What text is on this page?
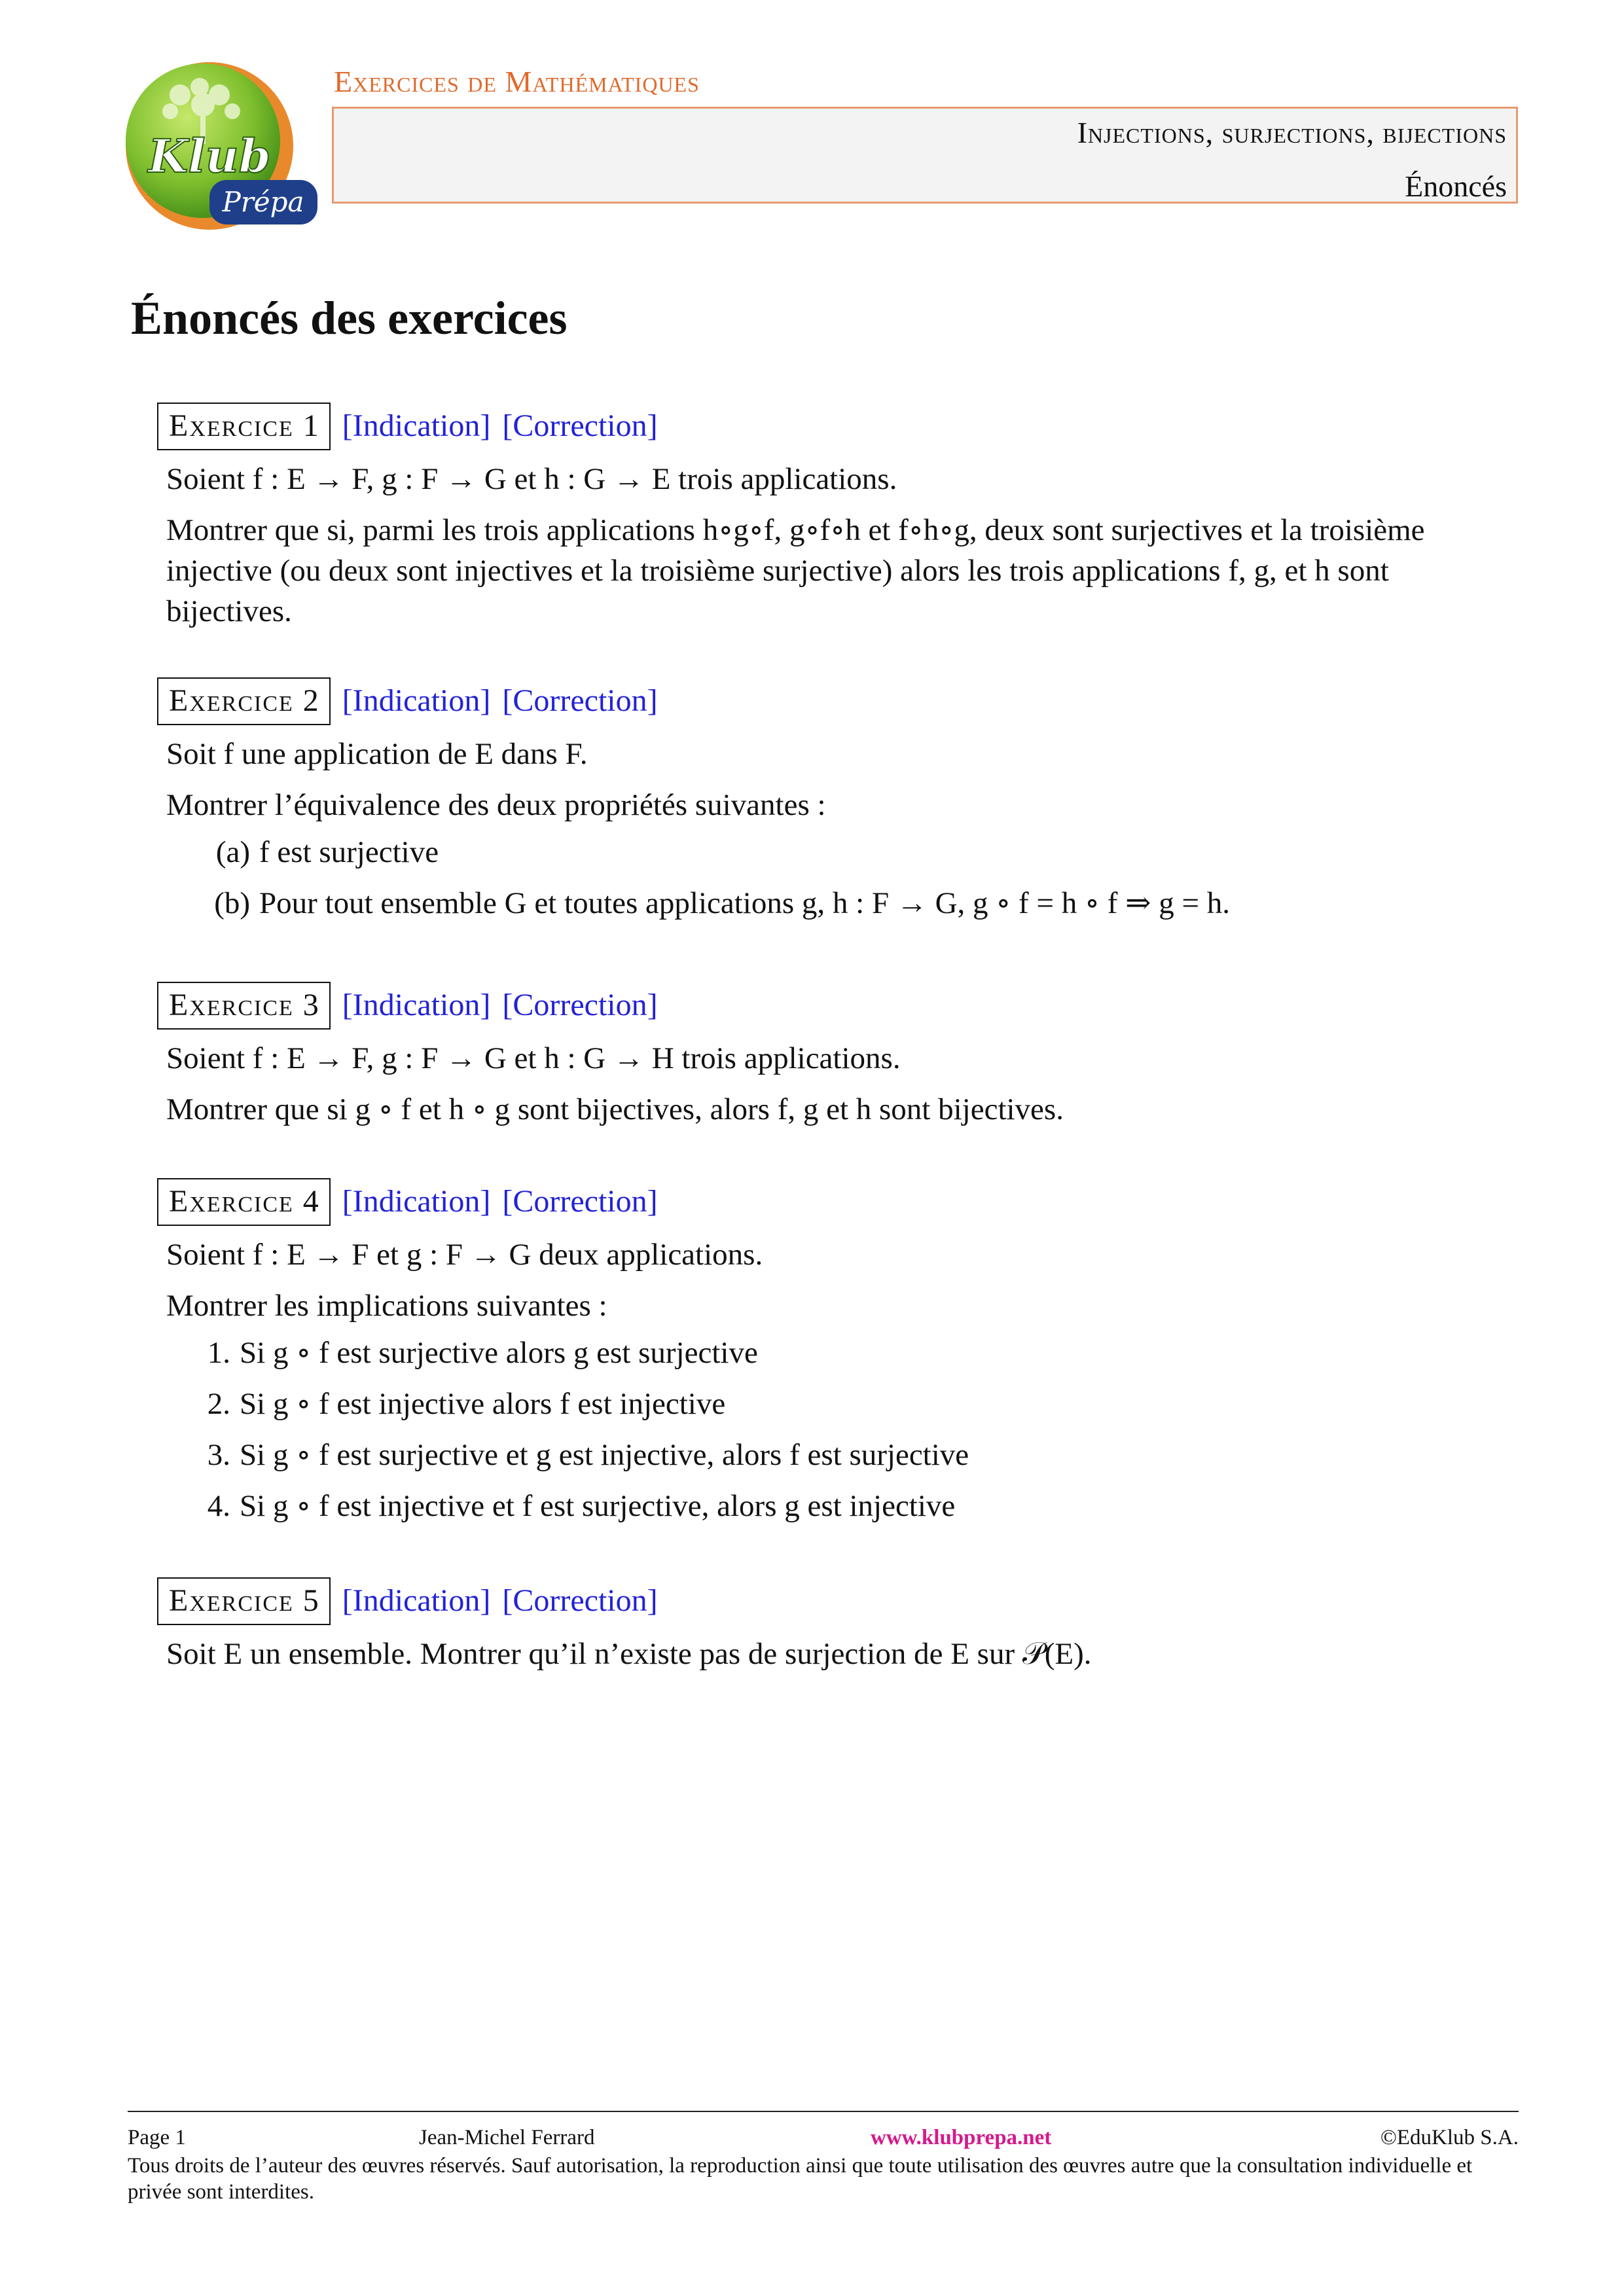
Klub
Prépa
Exercices de Mathématiques
Injections, surjections, bijections
Énoncés
Énoncés des exercices
Exercice 1 [Indication] [Correction]

Soient f : E → F, g : F → G et h : G → E trois applications.

Montrer que si, parmi les trois applications h∘g∘f, g∘f∘h et f∘h∘g, deux sont surjectives et la troisième injective (ou deux sont injectives et la troisième surjective) alors les trois applications f, g, et h sont bijectives.

Exercice 2 [Indication] [Correction]

Soit f une application de E dans F.

Montrer l’équivalence des deux propriétés suivantes :

(a) f est surjective
(b) Pour tout ensemble G et toutes applications g, h : F → G, g ∘ f = h ∘ f ⇒ g = h.
Exercice 3 [Indication] [Correction]

Soient f : E → F, g : F → G et h : G → H trois applications.

Montrer que si g ∘ f et h ∘ g sont bijectives, alors f, g et h sont bijectives.

Exercice 4 [Indication] [Correction]

Soient f : E → F et g : F → G deux applications.

Montrer les implications suivantes :

1. Si g ∘ f est surjective alors g est surjective
2. Si g ∘ f est injective alors f est injective
3. Si g ∘ f est surjective et g est injective, alors f est surjective
4. Si g ∘ f est injective et f est surjective, alors g est injective
Exercice 5 [Indication] [Correction]

Soit E un ensemble. Montrer qu’il n’existe pas de surjection de E sur 𝒫(E).

Page 1	Jean-Michel Ferrard	www.klubprepa.net	©EduKlub S.A.
Tous droits de l’auteur des œuvres réservés. Sauf autorisation, la reproduction ainsi que toute utilisation des œuvres autre que la consultation individuelle et privée sont interdites.
